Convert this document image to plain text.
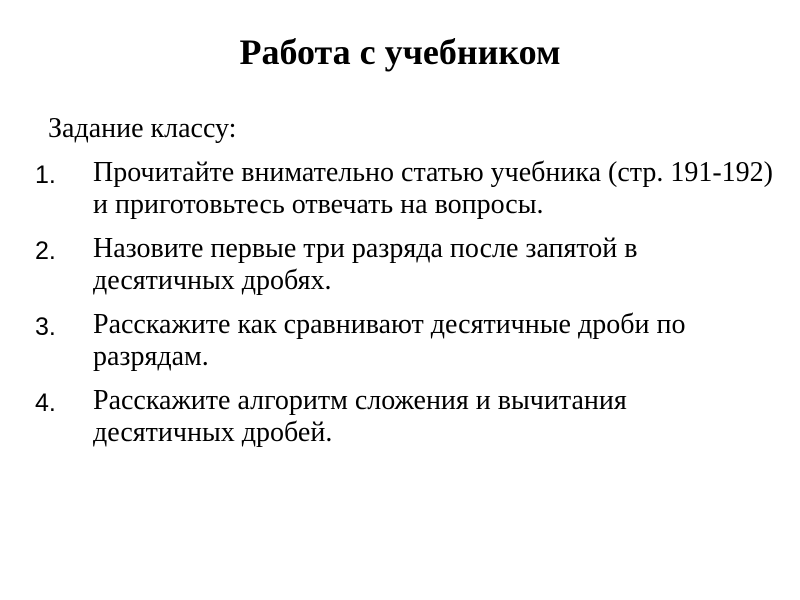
Работа с учебником
Задание классу:
1. Прочитайте внимательно статью учебника (стр. 191-192) и приготовьтесь отвечать на вопросы.
2. Назовите первые три разряда после запятой в десятичных дробях.
3. Расскажите как сравнивают десятичные дроби по разрядам.
4. Расскажите алгоритм сложения и вычитания десятичных дробей.
